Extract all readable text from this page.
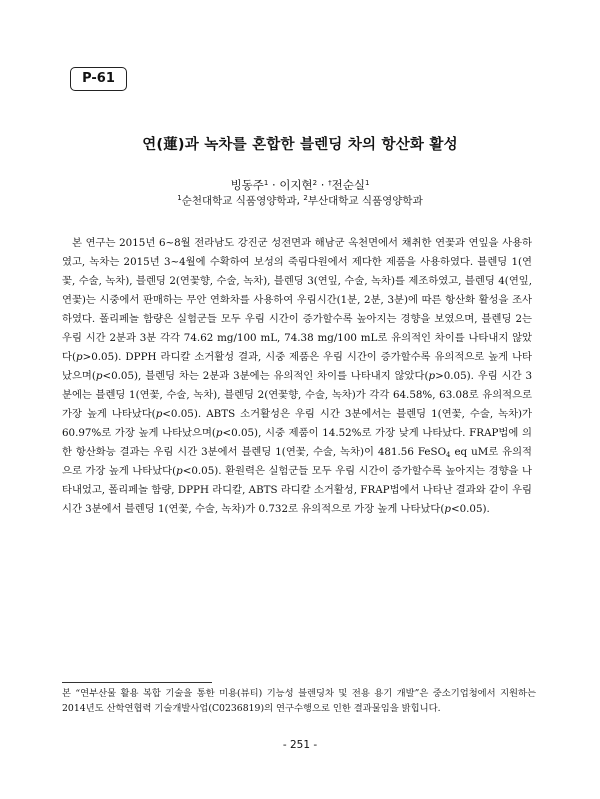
P-61
연(蓮)과 녹차를 혼합한 블렌딩 차의 항산화 활성
빙동주$^1$ · 이지현$^2$ · †전순실$^1$
$^1$순천대학교 식품영양학과, $^2$부산대학교 식품영양학과

본 연구는 2015년 6~8월 전라남도 강진군 성전면과 해남군 옥천면에서 채취한 연꽃과 연잎을 사용하였고, 녹차는 2015년 3~4월에 수확하여 보성의 죽림다원에서 제다한 제품을 사용하였다. 블렌딩 1(연꽃, 수술, 녹차), 블렌딩 2(연꽃향, 수술, 녹차), 블렌딩 3(연잎, 수술, 녹차)를 제조하였고, 블렌딩 4(연잎, 연꽃)는 시중에서 판매하는 무안 연화차를 사용하여 우림시간(1분, 2분, 3분)에 따른 항산화 활성을 조사하였다. 폴리페놀 함량은 실험군들 모두 우림 시간이 증가할수록 높아지는 경향을 보였으며, 블렌딩 2는 우림 시간 2분과 3분 각각 74.62 mg/100 mL, 74.38 mg/100 mL로 유의적인 차이를 나타내지 않았다(p>0.05). DPPH 라디칼 소거활성 결과, 시중 제품은 우림 시간이 증가할수록 유의적으로 높게 나타났으며(p<0.05), 블렌딩 차는 2분과 3분에는 유의적인 차이를 나타내지 않았다(p>0.05). 우림 시간 3분에는 블렌딩 1(연꽃, 수술, 녹차), 블렌딩 2(연꽃향, 수술, 녹차)가 각각 64.58%, 63.08로 유의적으로 가장 높게 나타났다(p<0.05). ABTS 소거활성은 우림 시간 3분에서는 블렌딩 1(연꽃, 수술, 녹차)가 60.97%로 가장 높게 나타났으며(p<0.05), 시중 제품이 14.52%로 가장 낮게 나타났다. FRAP법에 의한 항산화능 결과는 우림 시간 3분에서 블렌딩 1(연꽃, 수술, 녹차)이 481.56 FeSO$_4$ eq uM로 유의적으로 가장 높게 나타났다(p<0.05). 환원력은 실험군들 모두 우림 시간이 증가할수록 높아지는 경향을 나타내었고, 폴리페놀 함량, DPPH 라디칼, ABTS 라디칼 소거활성, FRAP법에서 나타난 결과와 같이 우림 시간 3분에서 블렌딩 1(연꽃, 수술, 녹차)가 0.732로 유의적으로 가장 높게 나타났다(p<0.05).

본 “연부산물 활용 복합 기술을 통한 미용(뷰티) 기능성 블렌딩차 및 전용 용기 개발”은 중소기업청에서 지원하는 2014년도 산학연협력 기술개발사업(C0236819)의 연구수행으로 인한 결과물임을 밝힙니다.
- 251 -
